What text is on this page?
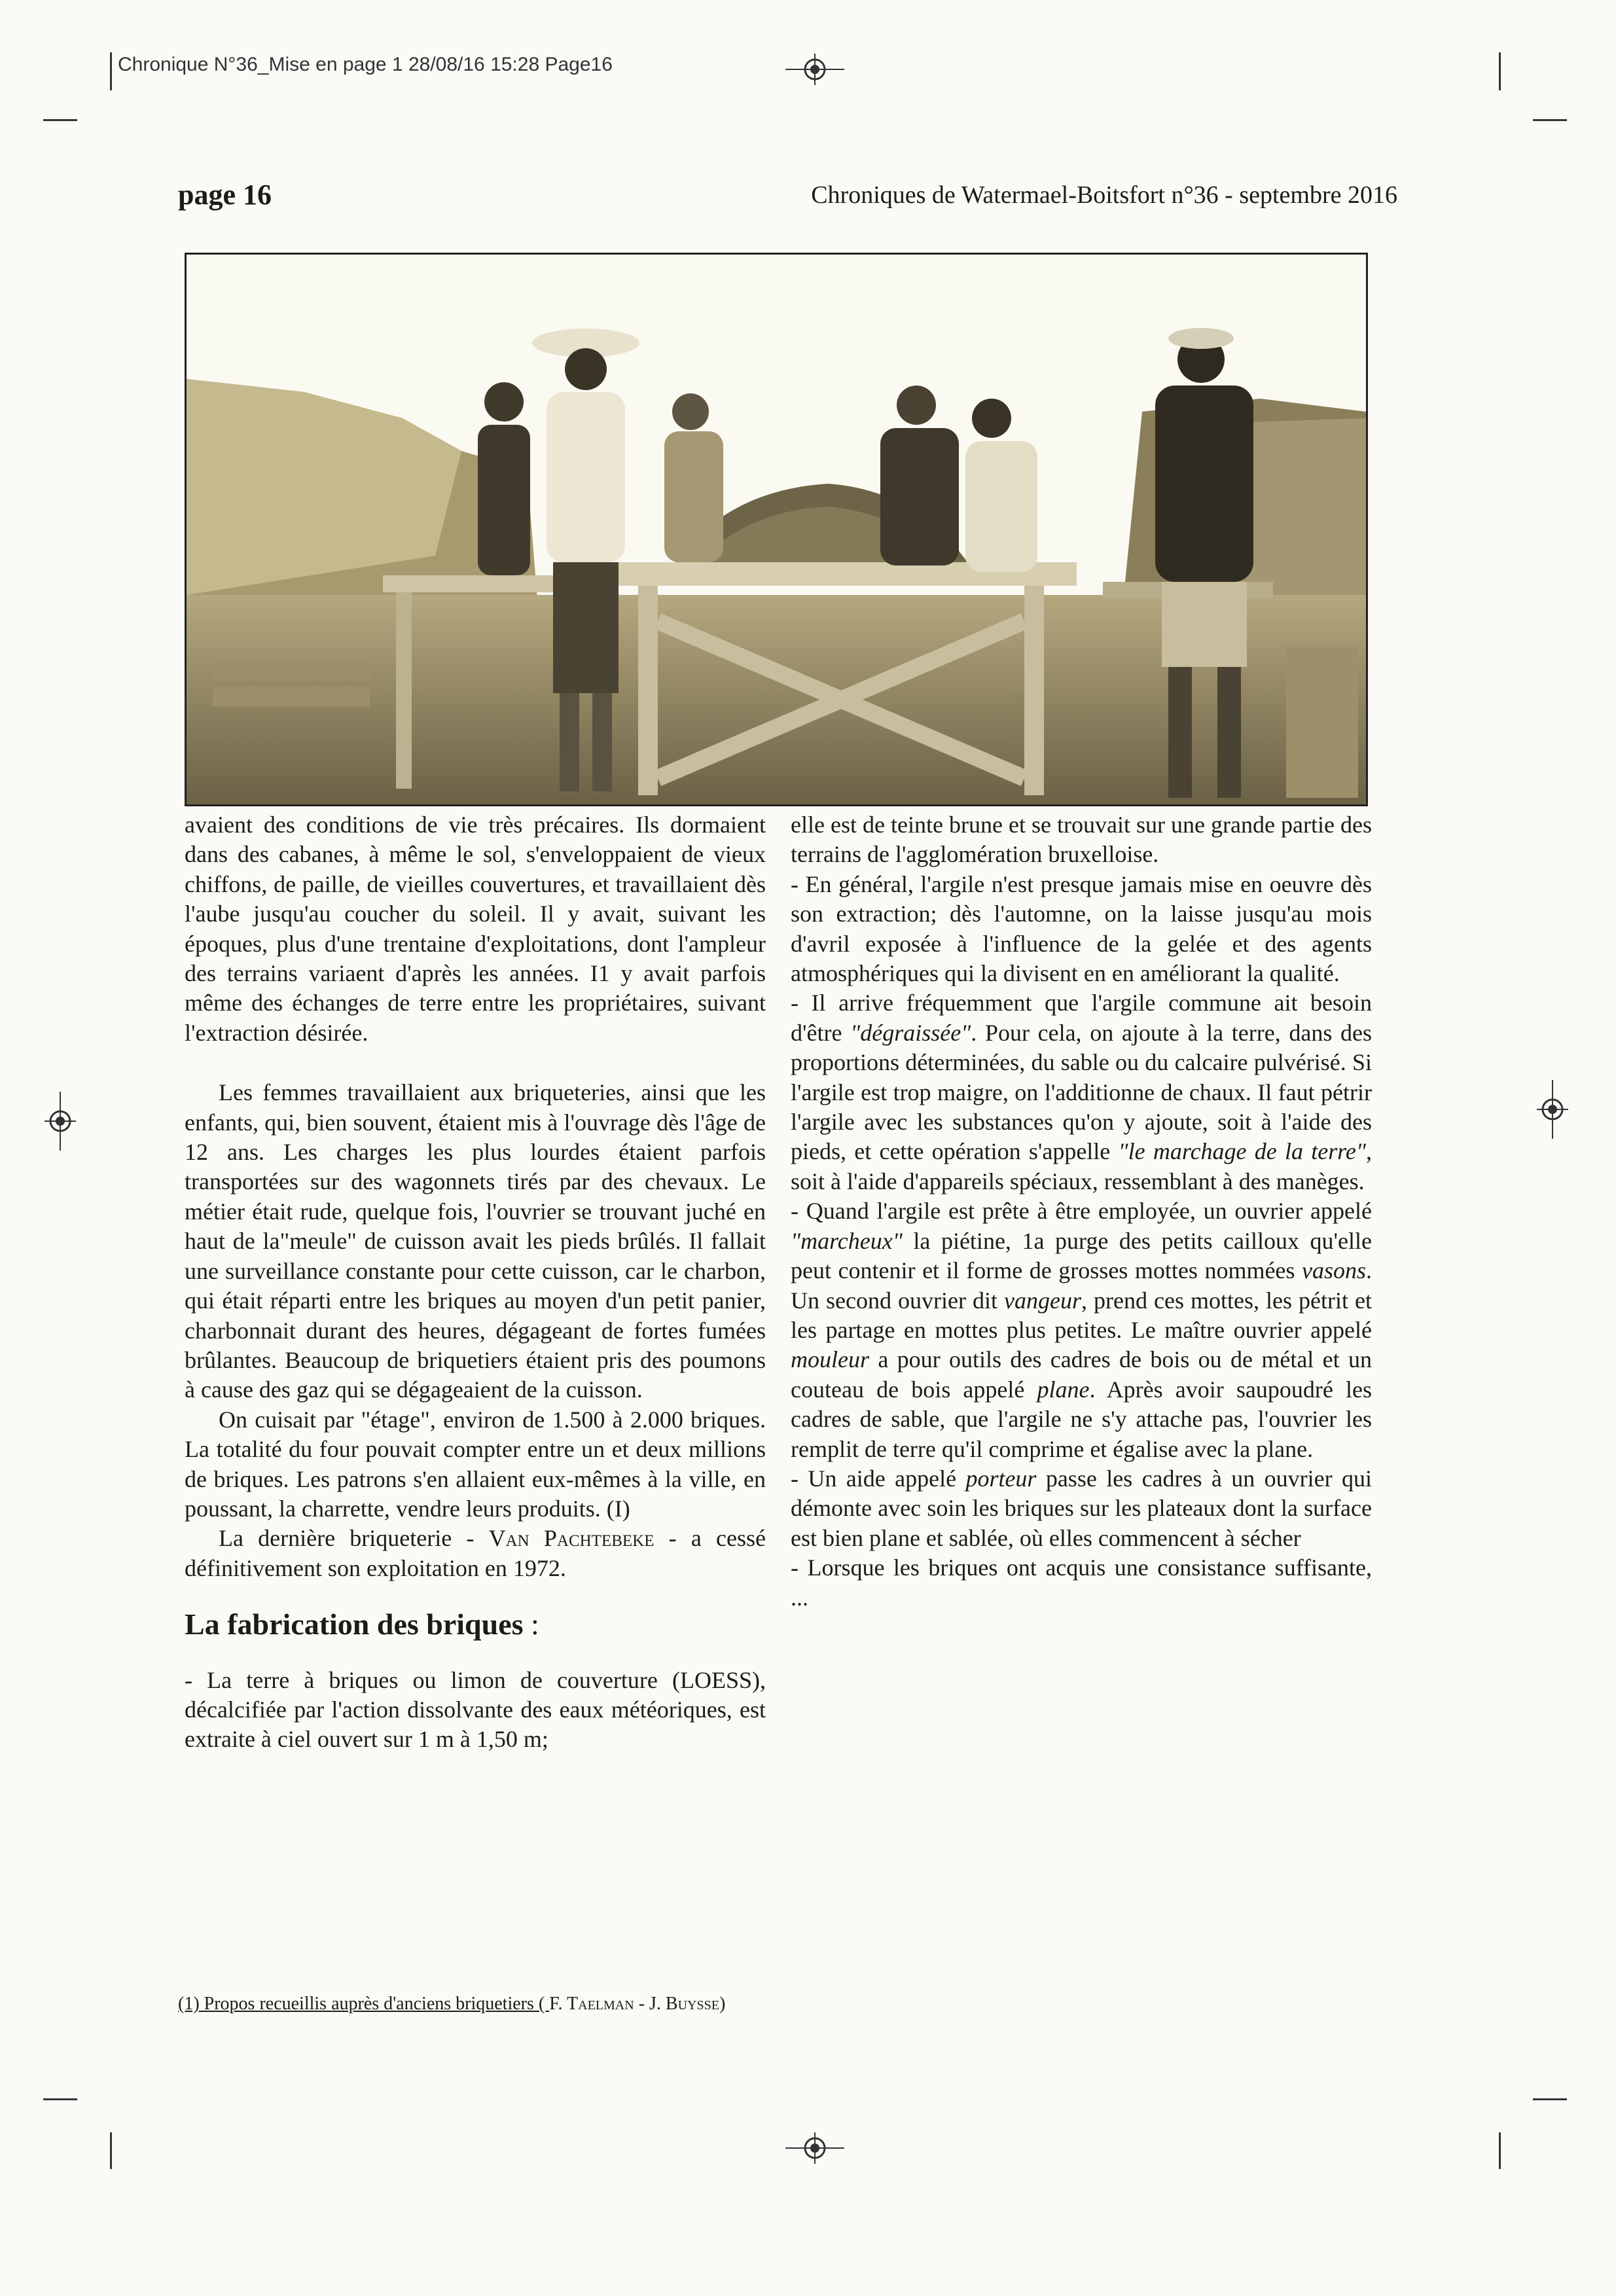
Chronique N°36_Mise en page 1 28/08/16 15:28 Page16
page 16	Chroniques de Watermael-Boitsfort n°36 - septembre 2016

avaient des conditions de vie très précaires. Ils dormaient dans des cabanes, à même le sol, s'enveloppaient de vieux chiffons, de paille, de vieilles couvertures, et travaillaient dès l'aube jusqu'au coucher du soleil. Il y avait, suivant les époques, plus d'une trentaine d'exploitations, dont l'ampleur des terrains variaent d'après les années. I1 y avait parfois même des échanges de terre entre les propriétaires, suivant l'extraction désirée.

Les femmes travaillaient aux briqueteries, ainsi que les enfants, qui, bien souvent, étaient mis à l'ouvrage dès l'âge de 12 ans. Les charges les plus lourdes étaient parfois transportées sur des wagonnets tirés par des chevaux. Le métier était rude, quelque fois, l'ouvrier se trouvant juché en haut de la"meule" de cuisson avait les pieds brûlés. Il fallait une surveillance constante pour cette cuisson, car le charbon, qui était réparti entre les briques au moyen d'un petit panier, charbonnait durant des heures, dégageant de fortes fumées brûlantes. Beaucoup de briquetiers étaient pris des poumons à cause des gaz qui se dégageaient de la cuisson.

On cuisait par "étage", environ de 1.500 à 2.000 briques. La totalité du four pouvait compter entre un et deux millions de briques. Les patrons s'en allaient eux-mêmes à la ville, en poussant, la charrette, vendre leurs produits. (I)

La dernière briqueterie - Van Pachtebeke - a cessé définitivement son exploitation en 1972.

La fabrication des briques :

- La terre à briques ou limon de couverture (LOESS), décalcifiée par l'action dissolvante des eaux météoriques, est extraite à ciel ouvert sur 1 m à 1,50 m;

elle est de teinte brune et se trouvait sur une grande partie des terrains de l'agglomération bruxelloise.

- En général, l'argile n'est presque jamais mise en oeuvre dès son extraction; dès l'automne, on la laisse jusqu'au mois d'avril exposée à l'influence de la gelée et des agents atmosphériques qui la divisent en en améliorant la qualité.

- Il arrive fréquemment que l'argile commune ait besoin d'être "dégraissée". Pour cela, on ajoute à la terre, dans des proportions déterminées, du sable ou du calcaire pulvérisé. Si l'argile est trop maigre, on l'additionne de chaux. Il faut pétrir l'argile avec les substances qu'on y ajoute, soit à l'aide des pieds, et cette opération s'appelle "le marchage de la terre", soit à l'aide d'appareils spéciaux, ressemblant à des manèges.

- Quand l'argile est prête à être employée, un ouvrier appelé "marcheux" la piétine, 1a purge des petits cailloux qu'elle peut contenir et il forme de grosses mottes nommées vasons. Un second ouvrier dit vangeur, prend ces mottes, les pétrit et les partage en mottes plus petites. Le maître ouvrier appelé mouleur a pour outils des cadres de bois ou de métal et un couteau de bois appelé plane. Après avoir saupoudré les cadres de sable, que l'argile ne s'y attache pas, l'ouvrier les remplit de terre qu'il comprime et égalise avec la plane.

- Un aide appelé porteur passe les cadres à un ouvrier qui démonte avec soin les briques sur les plateaux dont la surface est bien plane et sablée, où elles commencent à sécher

- Lorsque les briques ont acquis une consistance suffisante, ...

(1) Propos recueillis auprès d'anciens briquetiers ( F. Taelman - J. Buysse)
